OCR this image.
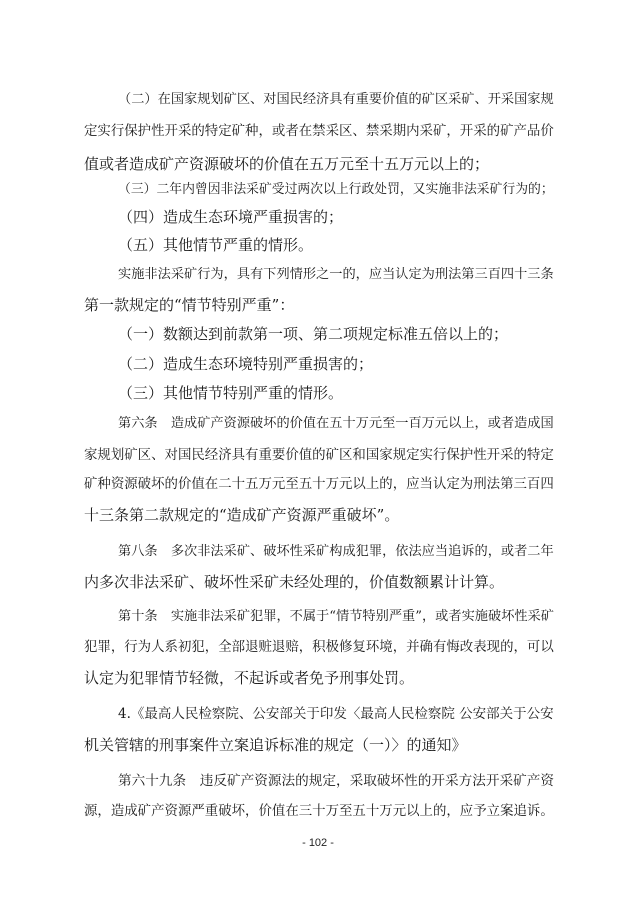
（二）在国家规划矿区、对国民经济具有重要价值的矿区采矿、开采国家规
定实行保护性开采的特定矿种，或者在禁采区、禁采期内采矿，开采的矿产品价
值或者造成矿产资源破坏的价值在五万元至十五万元以上的；
（三）二年内曾因非法采矿受过两次以上行政处罚，又实施非法采矿行为的；
（四）造成生态环境严重损害的；
（五）其他情节严重的情形。
实施非法采矿行为，具有下列情形之一的，应当认定为刑法第三百四十三条
第一款规定的“情节特别严重”：
（一）数额达到前款第一项、第二项规定标准五倍以上的；
（二）造成生态环境特别严重损害的；
（三）其他情节特别严重的情形。
第六条　造成矿产资源破坏的价值在五十万元至一百万元以上，或者造成国
家规划矿区、对国民经济具有重要价值的矿区和国家规定实行保护性开采的特定
矿种资源破坏的价值在二十五万元至五十万元以上的，应当认定为刑法第三百四
十三条第二款规定的“造成矿产资源严重破坏”。
第八条　多次非法采矿、破坏性采矿构成犯罪，依法应当追诉的，或者二年
内多次非法采矿、破坏性采矿未经处理的，价值数额累计计算。
第十条　实施非法采矿犯罪，不属于“情节特别严重”，或者实施破坏性采矿
犯罪，行为人系初犯，全部退赃退赔，积极修复环境，并确有悔改表现的，可以
认定为犯罪情节轻微，不起诉或者免予刑事处罚。
4.《最高人民检察院、公安部关于印发〈最高人民检察院 公安部关于公安
机关管辖的刑事案件立案追诉标准的规定（一）〉的通知》
第六十九条　违反矿产资源法的规定，采取破坏性的开采方法开采矿产资
源，造成矿产资源严重破坏，价值在三十万至五十万元以上的，应予立案追诉。
- 102 -
